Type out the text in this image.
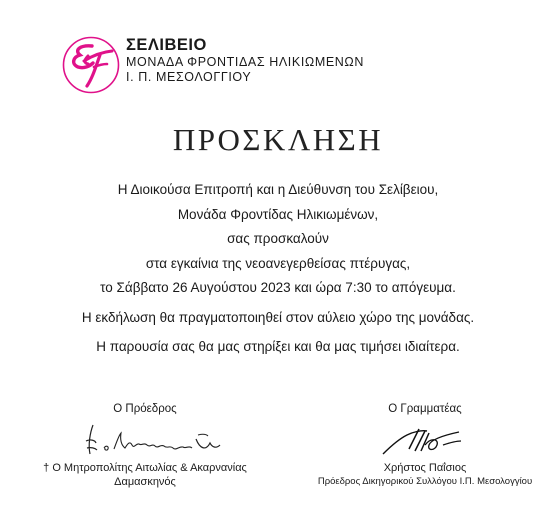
ΣΕΛΙΒΕΙΟ
ΜΟΝΑΔΑ ΦΡΟΝΤΙΔΑΣ ΗΛΙΚΙΩΜΕΝΩΝ
Ι. Π. ΜΕΣΟΛΟΓΓΙΟΥ
ΠΡΟΣΚΛΗΣΗ
Η Διοικούσα Επιτροπή και η Διεύθυνση του Σελίβειου,
Μονάδα Φροντίδας Ηλικιωμένων,
σας προσκαλούν
στα εγκαίνια της νεοανεγερθείσας πτέρυγας,
το Σάββατο 26 Αυγούστου 2023 και ώρα 7:30 το απόγευμα.
Η εκδήλωση θα πραγματοποιηθεί στον αύλειο χώρο της μονάδας.
Η παρουσία σας θα μας στηρίξει και θα μας τιμήσει ιδιαίτερα.
Ο Πρόεδρος
† Ο Μητροπολίτης Αιτωλίας & Ακαρνανίας
Δαμασκηνός
Ο Γραμματέας
Χρήστος Παΐσιος
Πρόεδρος Δικηγορικού Συλλόγου Ι.Π. Μεσολογγίου
